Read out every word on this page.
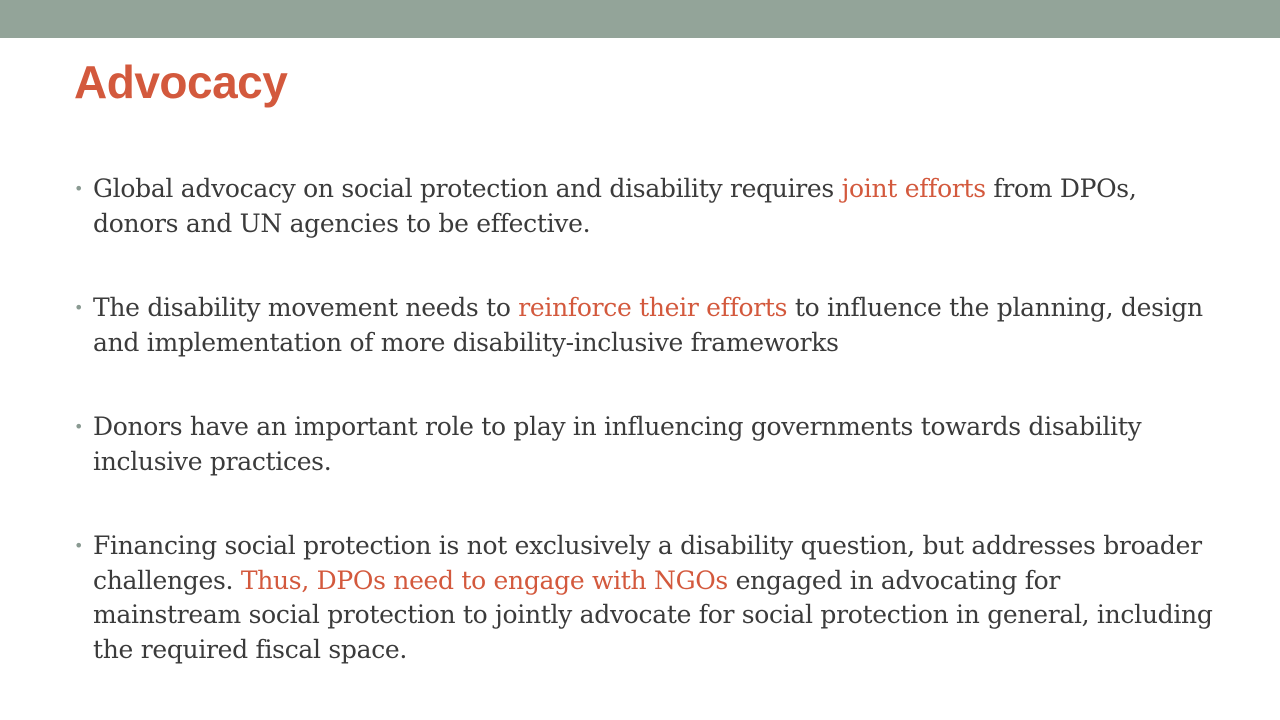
Advocacy
• Global advocacy on social protection and disability requires joint efforts from DPOs, donors and UN agencies to be effective.
• The disability movement needs to reinforce their efforts to influence the planning, design and implementation of more disability-inclusive frameworks
• Donors have an important role to play in influencing governments towards disability inclusive practices.
• Financing social protection is not exclusively a disability question, but addresses broader challenges. Thus, DPOs need to engage with NGOs engaged in advocating for mainstream social protection to jointly advocate for social protection in general, including the required fiscal space.
